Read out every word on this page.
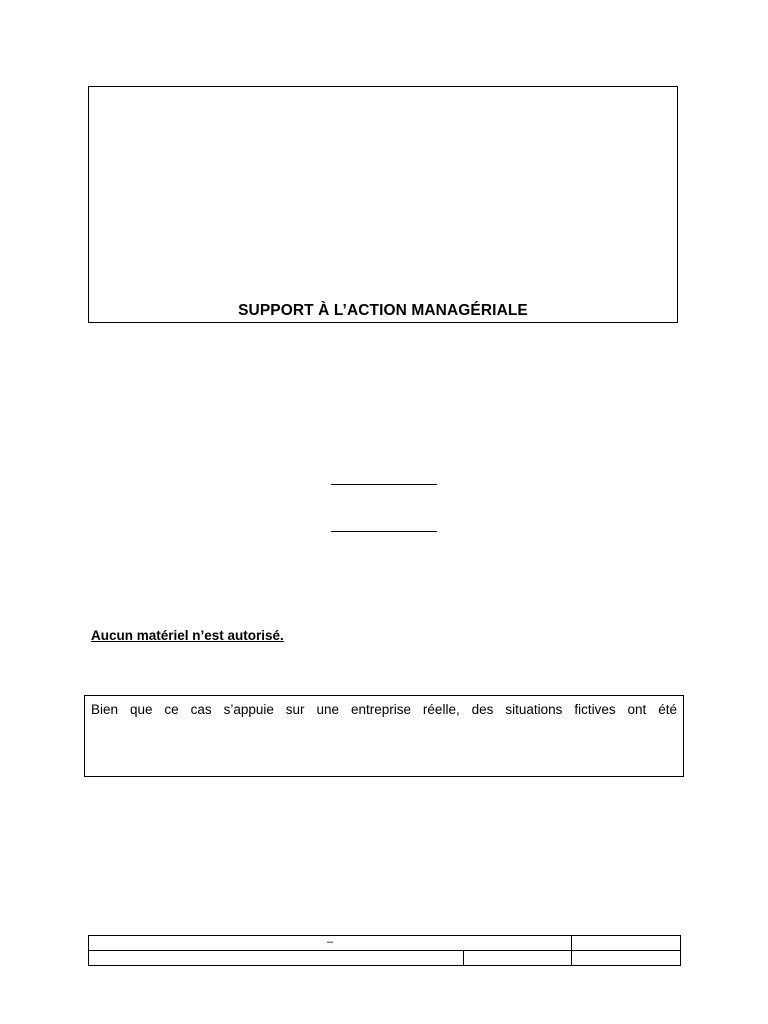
SUPPORT À L’ACTION MANAGÉRIALE
Aucun matériel n’est autorisé.
Bien que ce cas s’appuie sur une entreprise réelle, des situations fictives ont été
–		
